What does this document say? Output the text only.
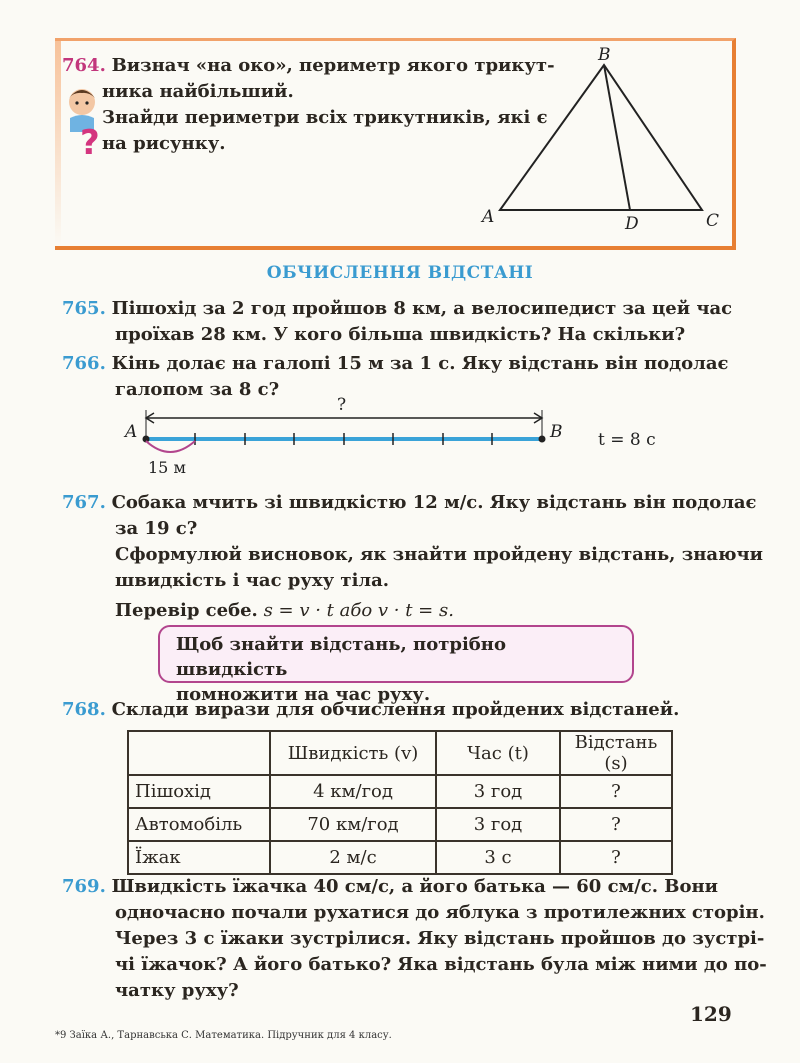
764. Визнач «на око», периметр якого трикут-
ника найбільший.
Знайди периметри всіх трикутників, які є
на рисунку.
?
B
A	C
D
ОБЧИСЛЕННЯ ВІДСТАНІ
765. Пішохід за 2 год пройшов 8 км, а велосипедист за цей час
проїхав 28 км. У кого більша швидкість? На скільки?
766. Кінь долає на галопі 15 м за 1 с. Яку відстань він подолає
галопом за 8 с?
?
A	B
15 м
t = 8 с
767. Собака мчить зі швидкістю 12 м/с. Яку відстань він подолає
за 19 с?
Сформулюй висновок, як знайти пройдену відстань, знаючи
швидкість і час руху тіла.
Перевір себе. s = v · t або v · t = s.
Щоб знайти відстань, потрібно швидкість
помножити на час руху.
768. Склади вирази для обчислення пройдених відстаней.
	Швидкість (v)	Час (t)	Відстань (s)
Пішохід	4 км/год	3 год	?
Автомобіль	70 км/год	3 год	?
Їжак	2 м/с	3 с	?
769. Швидкість їжачка 40 см/с, а його батька — 60 см/с. Вони
одночасно почали рухатися до яблука з протилежних сторін.
Через 3 с їжаки зустрілися. Яку відстань пройшов до зустрі-
чі їжачок? А його батько? Яка відстань була між ними до по-
чатку руху?
129
*9 Заїка А., Тарнавська С. Математика. Підручник для 4 класу.
